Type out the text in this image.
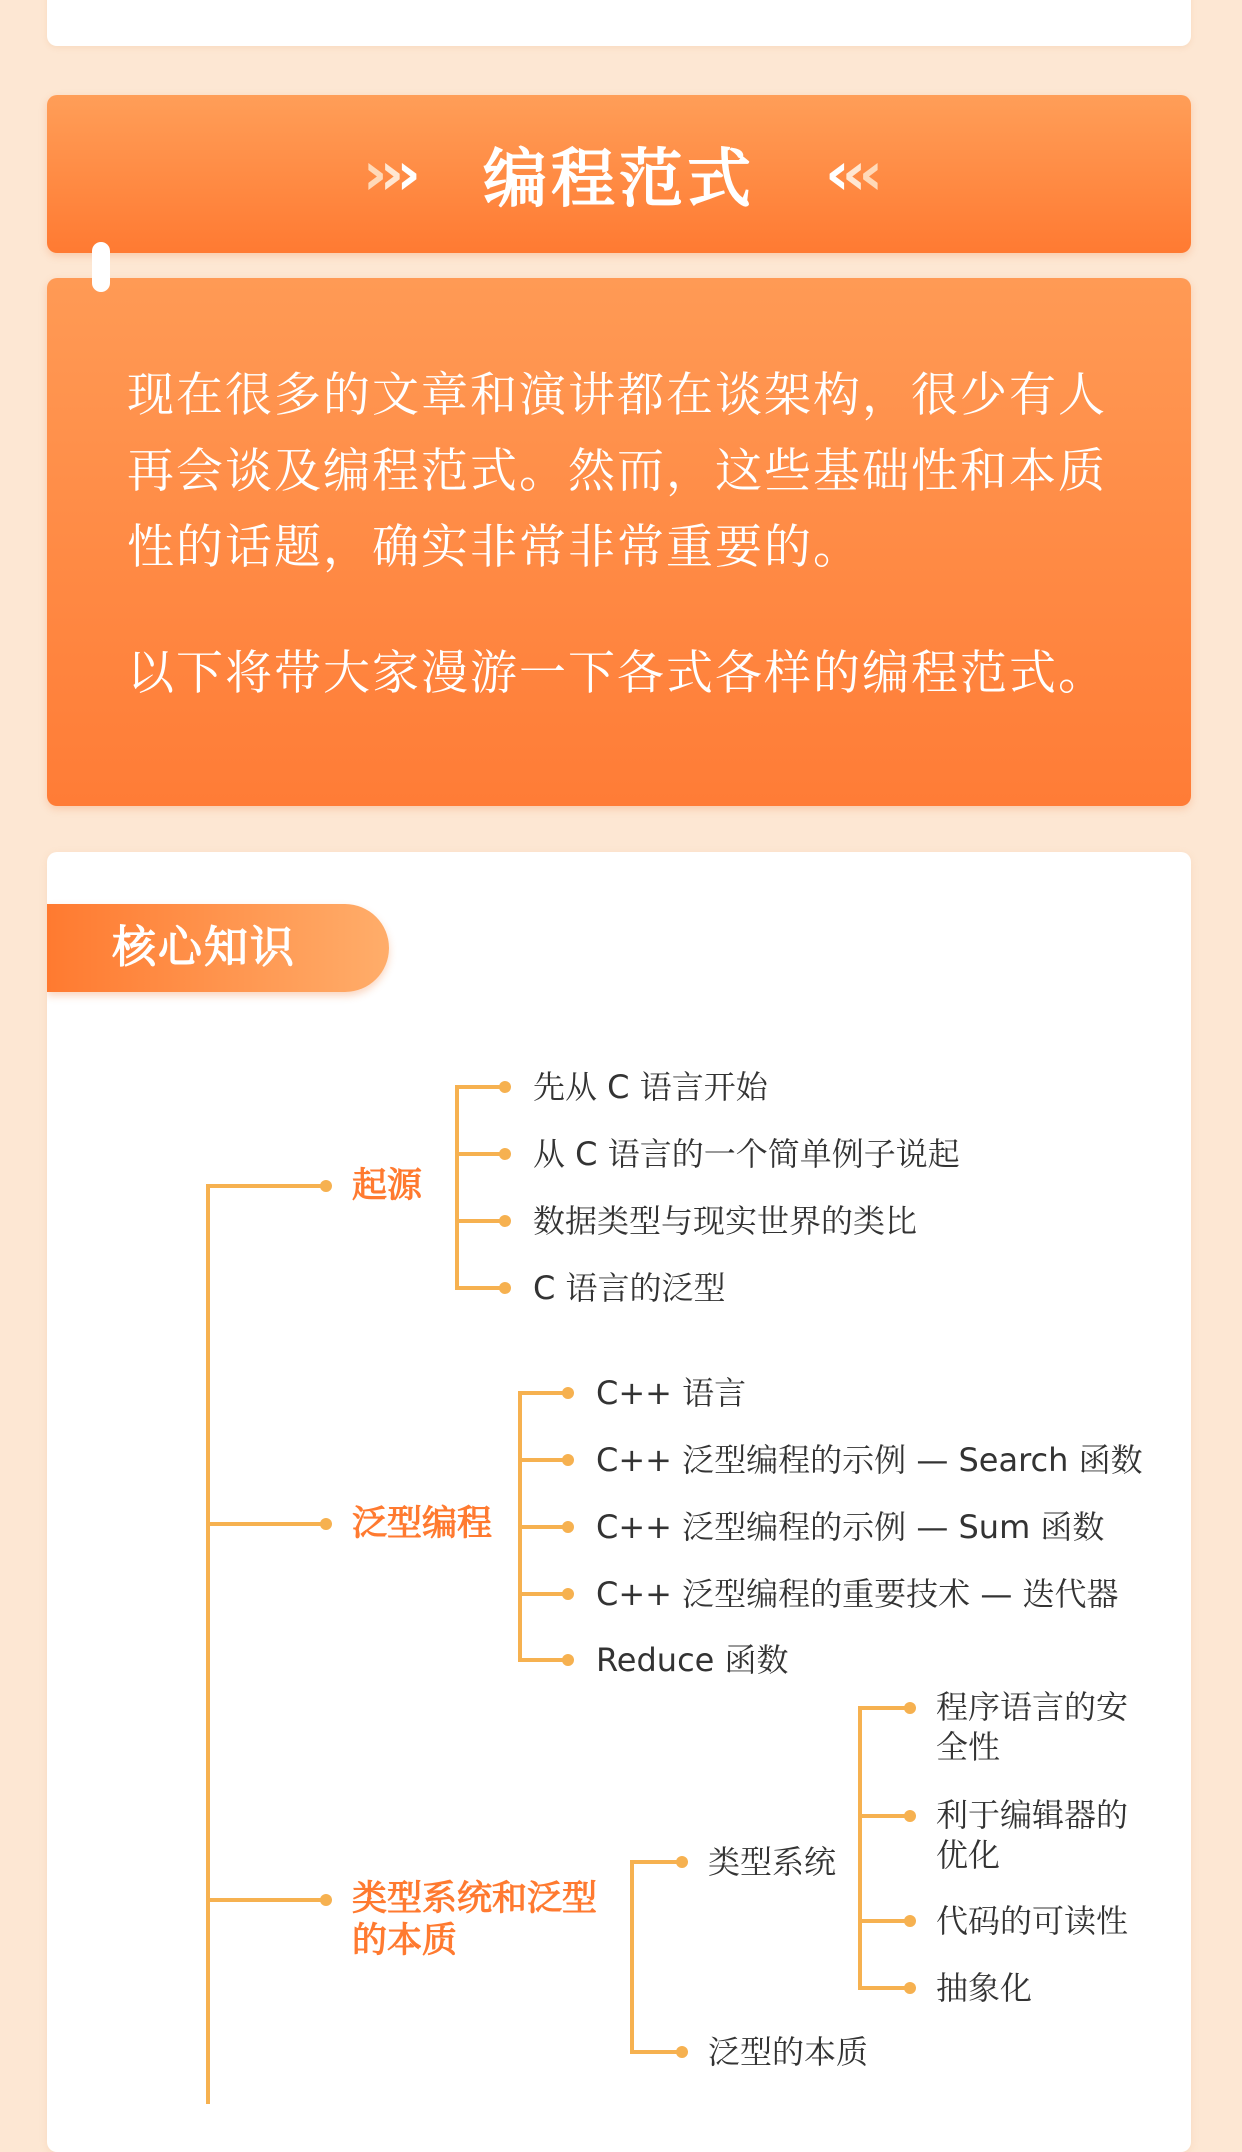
››› 编程范式 ‹‹‹

现在很多的文章和演讲都在谈架构，很少有人再会谈及编程范式。然而，这些基础性和本质性的话题，确实非常非常重要的。

以下将带大家漫游一下各式各样的编程范式。

核心知识
起源
先从 C 语言开始
从 C 语言的一个简单例子说起
数据类型与现实世界的类比
C 语言的泛型
泛型编程
C++ 语言
C++ 泛型编程的示例 — Search 函数
C++ 泛型编程的示例 — Sum 函数
C++ 泛型编程的重要技术 — 迭代器
Reduce 函数
类型系统和泛型的本质
类型系统
泛型的本质
程序语言的安全性
利于编辑器的优化
代码的可读性
抽象化
